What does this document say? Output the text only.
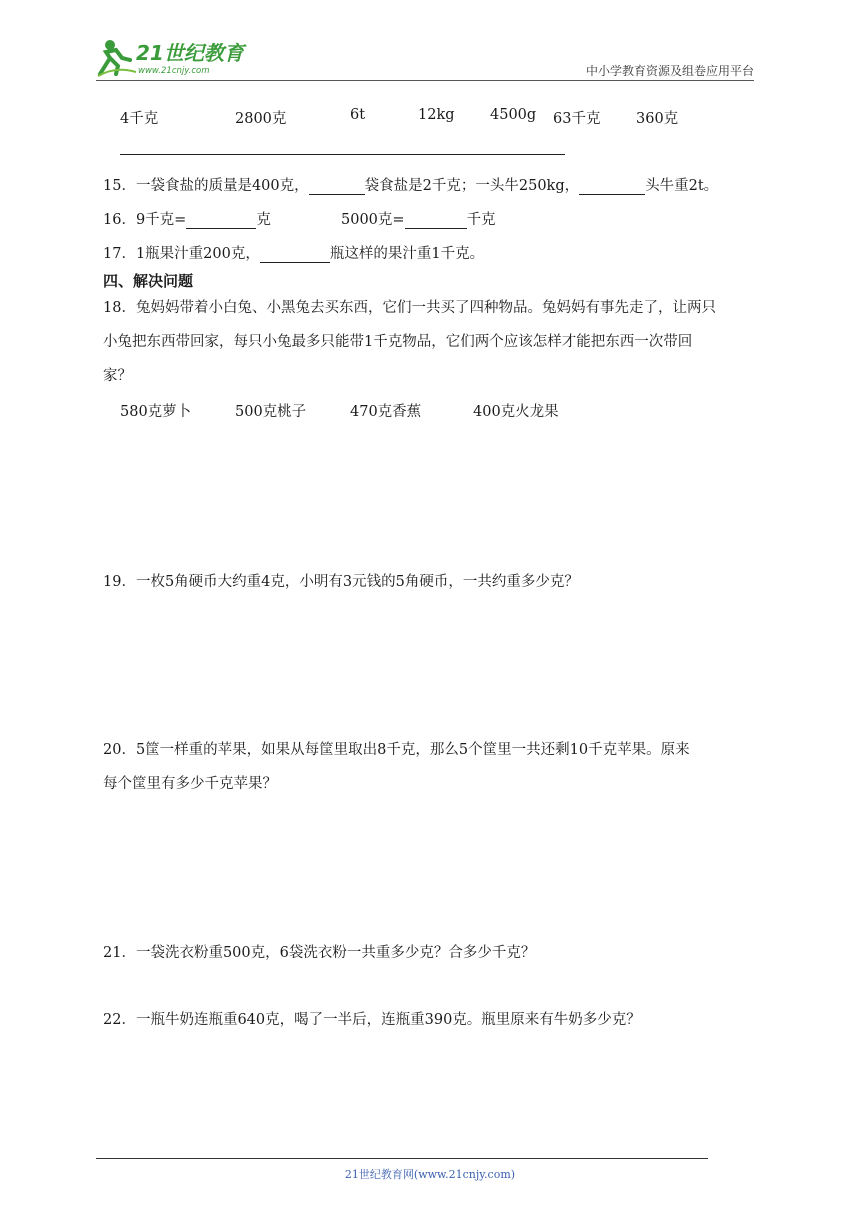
21世纪教育
www.21cnjy.com	中小学教育资源及组卷应用平台
4千克	2800克	6t	12kg 4500g 63千克 360克
15．一袋食盐的质量是400克，	袋食盐是2千克；一头牛250kg，	头牛重2t。
16．9千克=	克	5000克=	千克
17．1瓶果汁重200克，	瓶这样的果汁重1千克。
四、解决问题
18．兔妈妈带着小白兔、小黑兔去买东西，它们一共买了四种物品。兔妈妈有事先走了，让两只
小兔把东西带回家，每只小兔最多只能带1千克物品，它们两个应该怎样才能把东西一次带回
家？
580克萝卜	500克桃子	470克香蕉	400克火龙果
19．一枚5角硬币大约重4克，小明有3元钱的5角硬币，一共约重多少克？
20．5筐一样重的苹果，如果从每筐里取出8千克，那么5个筐里一共还剩10千克苹果。原来
每个筐里有多少千克苹果？
21．一袋洗衣粉重500克，6袋洗衣粉一共重多少克？合多少千克？
22．一瓶牛奶连瓶重640克，喝了一半后，连瓶重390克。瓶里原来有牛奶多少克？
21世纪教育网(www.21cnjy.com)
